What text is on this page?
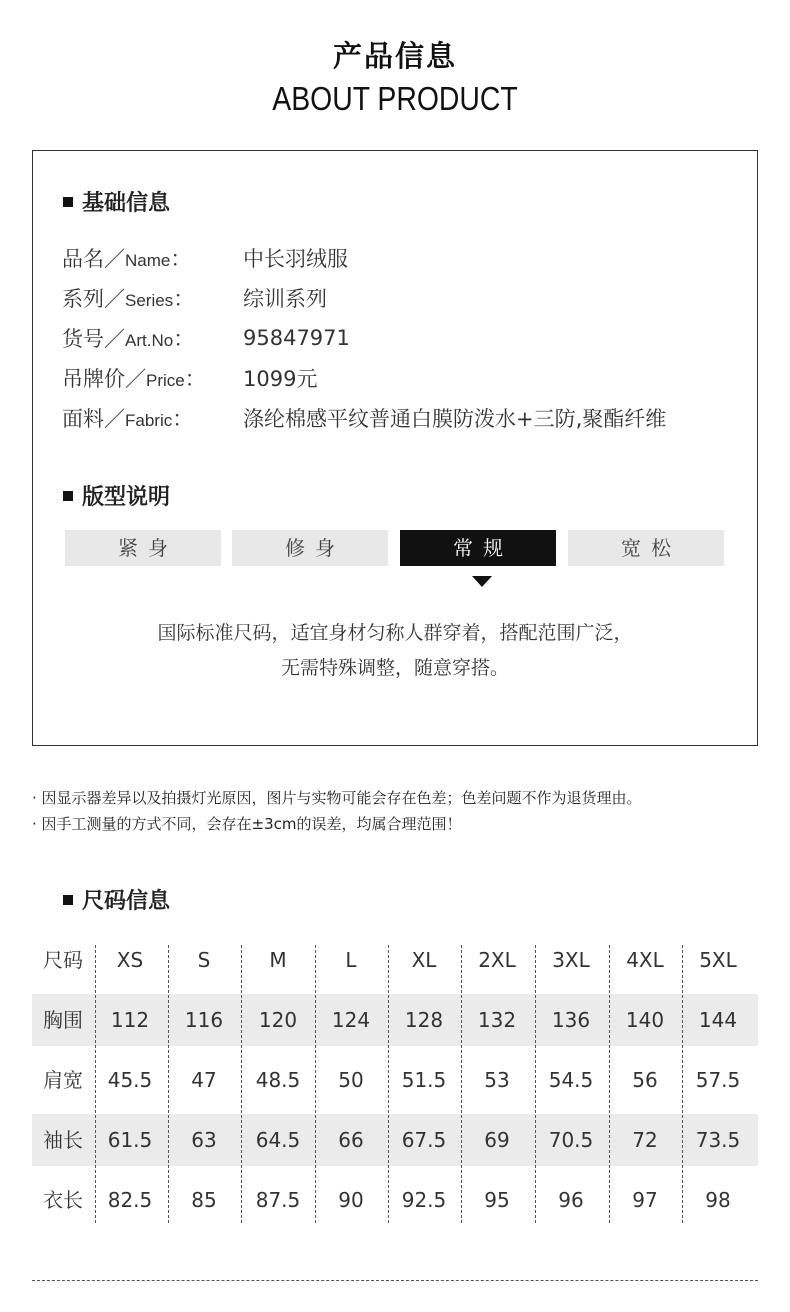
产品信息
ABOUT PRODUCT
基础信息
品名／Name：	中长羽绒服
系列／Series：	综训系列
货号／Art.No：	95847971
吊牌价／Price：	1099元
面料／Fabric：	涤纶棉感平纹普通白膜防泼水+三防,聚酯纤维
版型说明
紧身	修身	常规	宽松
国际标准尺码，适宜身材匀称人群穿着，搭配范围广泛，
无需特殊调整，随意穿搭。
· 因显示器差异以及拍摄灯光原因，图片与实物可能会存在色差；色差问题不作为退货理由。
· 因手工测量的方式不同，会存在±3cm的误差，均属合理范围！
尺码信息
尺码	XS	S	M	L	XL	2XL	3XL	4XL	5XL
胸围	112	116	120	124	128	132	136	140	144
肩宽	45.5	47	48.5	50	51.5	53	54.5	56	57.5
袖长	61.5	63	64.5	66	67.5	69	70.5	72	73.5
衣长	82.5	85	87.5	90	92.5	95	96	97	98
